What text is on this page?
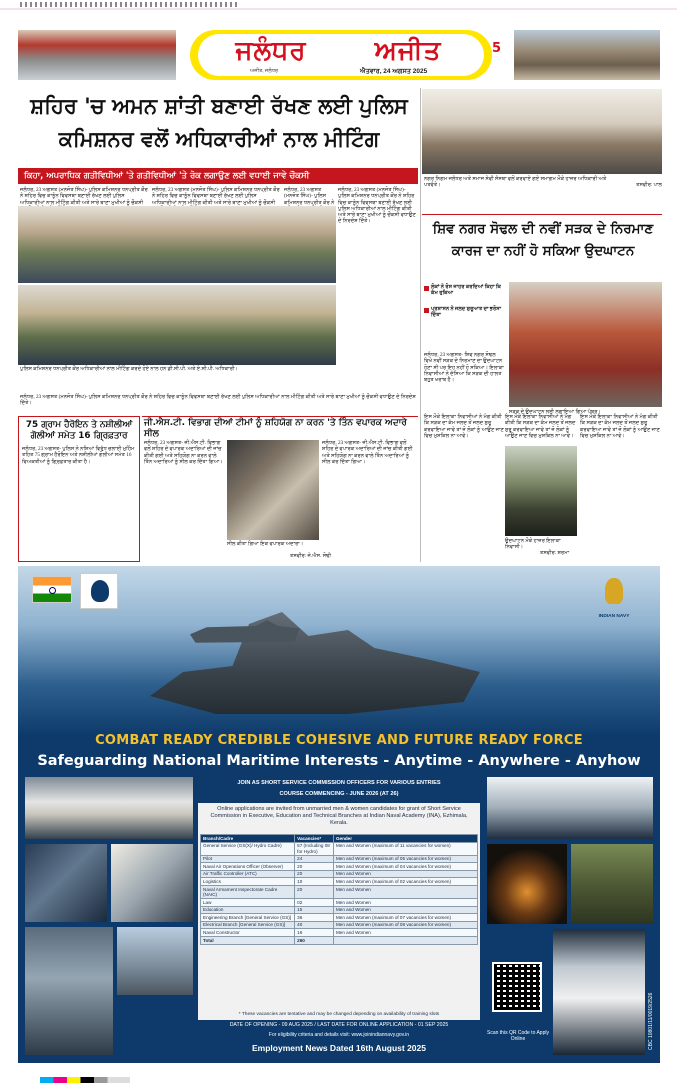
ਜਲੰਧਰ	ਅਜੀਤ
ਅਜੀਤ, ਜਲੰਧਰ	ਐਤਵਾਰ, 24 ਅਗਸਤ 2025
5
ਸ਼ਹਿਰ 'ਚ ਅਮਨ ਸ਼ਾਂਤੀ ਬਣਾਈ ਰੱਖਣ ਲਈ ਪੁਲਿਸ ਕਮਿਸ਼ਨਰ ਵਲੋਂ ਅਧਿਕਾਰੀਆਂ ਨਾਲ ਮੀਟਿੰਗ
ਕਿਹਾ, ਅਪਰਾਧਿਕ ਗਤੀਵਿਧੀਆਂ 'ਤੇ ਗਤੀਵਿਧੀਆਂ 'ਤੇ ਰੋਕ ਲਗਾਉਣ ਲਈ ਵਧਾਈ ਜਾਵੇ ਚੌਕਸੀ
ਜਲੰਧਰ, 23 ਅਗਸਤ (ਮਨਜੋਤ ਸਿੰਘ)- ਪੁਲਿਸ ਕਮਿਸ਼ਨਰ ਧਨਪ੍ਰੀਤ ਕੌਰ ਨੇ ਸ਼ਹਿਰ ਵਿਚ ਕਾਨੂੰਨ ਵਿਵਸਥਾ ਬਣਾਈ ਰੱਖਣ ਲਈ ਪੁਲਿਸ ਅਧਿਕਾਰੀਆਂ ਨਾਲ ਮੀਟਿੰਗ ਕੀਤੀ ਅਤੇ ਸਾਰੇ ਥਾਣਾ ਮੁਖੀਆਂ ਨੂੰ ਚੌਕਸੀ
ਜਲੰਧਰ, 23 ਅਗਸਤ (ਮਨਜੋਤ ਸਿੰਘ)- ਪੁਲਿਸ ਕਮਿਸ਼ਨਰ ਧਨਪ੍ਰੀਤ ਕੌਰ ਨੇ ਸ਼ਹਿਰ ਵਿਚ ਕਾਨੂੰਨ ਵਿਵਸਥਾ ਬਣਾਈ ਰੱਖਣ ਲਈ ਪੁਲਿਸ ਅਧਿਕਾਰੀਆਂ ਨਾਲ ਮੀਟਿੰਗ ਕੀਤੀ ਅਤੇ ਸਾਰੇ ਥਾਣਾ ਮੁਖੀਆਂ ਨੂੰ ਚੌਕਸੀ
ਜਲੰਧਰ, 23 ਅਗਸਤ (ਮਨਜੋਤ ਸਿੰਘ)- ਪੁਲਿਸ ਕਮਿਸ਼ਨਰ ਧਨਪ੍ਰੀਤ ਕੌਰ ਨੇ
ਪੁਲਿਸ ਕਮਿਸ਼ਨਰ ਧਨਪ੍ਰੀਤ ਕੌਰ ਅਧਿਕਾਰੀਆਂ ਨਾਲ ਮੀਟਿੰਗ ਕਰਦੇ ਹੋਏ ਨਾਲ ਹਨ ਡੀ.ਸੀ.ਪੀ. ਅਤੇ ਏ.ਸੀ.ਪੀ. ਅਧਿਕਾਰੀ।
ਜਲੰਧਰ, 23 ਅਗਸਤ (ਮਨਜੋਤ ਸਿੰਘ)- ਪੁਲਿਸ ਕਮਿਸ਼ਨਰ ਧਨਪ੍ਰੀਤ ਕੌਰ ਨੇ ਸ਼ਹਿਰ ਵਿਚ ਕਾਨੂੰਨ ਵਿਵਸਥਾ ਬਣਾਈ ਰੱਖਣ ਲਈ ਪੁਲਿਸ ਅਧਿਕਾਰੀਆਂ ਨਾਲ ਮੀਟਿੰਗ ਕੀਤੀ ਅਤੇ ਸਾਰੇ ਥਾਣਾ ਮੁਖੀਆਂ ਨੂੰ ਚੌਕਸੀ ਵਧਾਉਣ ਦੇ ਨਿਰਦੇਸ਼ ਦਿੱਤੇ।
ਜਲੰਧਰ, 23 ਅਗਸਤ (ਮਨਜੋਤ ਸਿੰਘ)- ਪੁਲਿਸ ਕਮਿਸ਼ਨਰ ਧਨਪ੍ਰੀਤ ਕੌਰ ਨੇ ਸ਼ਹਿਰ ਵਿਚ ਕਾਨੂੰਨ ਵਿਵਸਥਾ ਬਣਾਈ ਰੱਖਣ ਲਈ ਪੁਲਿਸ ਅਧਿਕਾਰੀਆਂ ਨਾਲ ਮੀਟਿੰਗ ਕੀਤੀ ਅਤੇ ਸਾਰੇ ਥਾਣਾ ਮੁਖੀਆਂ ਨੂੰ ਚੌਕਸੀ ਵਧਾਉਣ ਦੇ ਨਿਰਦੇਸ਼ ਦਿੱਤੇ।
ਨਗਰ ਨਿਗਮ ਜਲੰਧਰ ਅਤੇ ਸਮਾਜ ਸੇਵੀ ਸੰਸਥਾ ਵਲੋਂ ਕਰਵਾਏ ਗਏ ਸਮਾਗਮ ਮੌਕੇ ਹਾਜ਼ਰ ਅਧਿਕਾਰੀ ਅਤੇ ਪਤਵੰਤੇ।	ਤਸਵੀਰ: ਪਾਲ
ਸ਼ਿਵ ਨਗਰ ਸੋਢਲ ਦੀ ਨਵੀਂ ਸੜਕ ਦੇ ਨਿਰਮਾਣ ਕਾਰਜ ਦਾ ਨਹੀਂ ਹੋ ਸਕਿਆ ਉਦਘਾਟਨ
ਲੋਕਾਂ ਨੇ ਰੋਸ ਜਾਹਰ ਕਰਦਿਆਂ ਕਿਹਾ ਕਿ ਕੰਮ ਰੁਕਿਆ
ਪ੍ਰਸ਼ਾਸਨ ਨੇ ਜਲਦ ਸ਼ੁਰੂਆਤ ਦਾ ਭਰੋਸਾ ਦਿੱਤਾ
ਜਲੰਧਰ, 23 ਅਗਸਤ- ਸ਼ਿਵ ਨਗਰ ਸੋਢਲ ਵਿਖੇ ਨਵੀਂ ਸੜਕ ਦੇ ਨਿਰਮਾਣ ਦਾ ਉਦਘਾਟਨ ਹੋਣਾ ਸੀ ਪਰ ਇਹ ਨਹੀਂ ਹੋ ਸਕਿਆ। ਇਲਾਕਾ ਨਿਵਾਸੀਆਂ ਨੇ ਦੱਸਿਆ ਕਿ ਸੜਕ ਦੀ ਹਾਲਤ ਬਹੁਤ ਖਰਾਬ ਹੈ।
ਸੜਕ ਦੇ ਉਦਘਾਟਨ ਲਈ ਲਗਾਇਆ ਗਿਆ ਪੱਥਰ।
75 ਗ੍ਰਾਮ ਹੈਰੋਇਨ ਤੇ ਨਸ਼ੀਲੀਆਂ ਗੋਲੀਆਂ ਸਮੇਤ 16 ਗ੍ਰਿਫ਼ਤਾਰ
ਜਲੰਧਰ, 23 ਅਗਸਤ- ਪੁਲਿਸ ਨੇ ਨਸ਼ਿਆਂ ਵਿਰੁੱਧ ਚਲਾਈ ਮੁਹਿੰਮ ਤਹਿਤ 75 ਗ੍ਰਾਮ ਹੈਰੋਇਨ ਅਤੇ ਨਸ਼ੀਲੀਆਂ ਗੋਲੀਆਂ ਸਮੇਤ 16 ਵਿਅਕਤੀਆਂ ਨੂੰ ਗ੍ਰਿਫ਼ਤਾਰ ਕੀਤਾ ਹੈ।
ਜੀ.ਐਸ.ਟੀ. ਵਿਭਾਗ ਦੀਆਂ ਟੀਮਾਂ ਨੂੰ ਸ਼ਹਿਯੋਗ ਨਾ ਕਰਨ 'ਤੇ ਤਿੰਨ ਵਪਾਰਕ ਅਦਾਰੇ ਸੀਲ
ਜਲੰਧਰ, 23 ਅਗਸਤ- ਜੀ.ਐਸ.ਟੀ. ਵਿਭਾਗ ਵਲੋਂ ਸ਼ਹਿਰ ਦੇ ਵਪਾਰਕ ਅਦਾਰਿਆਂ ਦੀ ਜਾਂਚ ਕੀਤੀ ਗਈ ਅਤੇ ਸਹਿਯੋਗ ਨਾ ਕਰਨ ਵਾਲੇ ਤਿੰਨ ਅਦਾਰਿਆਂ ਨੂੰ ਸੀਲ ਕਰ ਦਿੱਤਾ ਗਿਆ।
ਸੀਲ ਕੀਤਾ ਗਿਆ ਇਕ ਵਪਾਰਕ ਅਦਾਰਾ।
ਤਸਵੀਰ: ਜੇ.ਐਸ. ਸੋਢੀ
ਜਲੰਧਰ, 23 ਅਗਸਤ- ਜੀ.ਐਸ.ਟੀ. ਵਿਭਾਗ ਵਲੋਂ ਸ਼ਹਿਰ ਦੇ ਵਪਾਰਕ ਅਦਾਰਿਆਂ ਦੀ ਜਾਂਚ ਕੀਤੀ ਗਈ ਅਤੇ ਸਹਿਯੋਗ ਨਾ ਕਰਨ ਵਾਲੇ ਤਿੰਨ ਅਦਾਰਿਆਂ ਨੂੰ ਸੀਲ ਕਰ ਦਿੱਤਾ ਗਿਆ।
ਇਸ ਮੌਕੇ ਇਲਾਕਾ ਨਿਵਾਸੀਆਂ ਨੇ ਮੰਗ ਕੀਤੀ ਕਿ ਸੜਕ ਦਾ ਕੰਮ ਜਲਦ ਤੋਂ ਜਲਦ ਸ਼ੁਰੂ ਕਰਵਾਇਆ ਜਾਵੇ ਤਾਂ ਜੋ ਲੋਕਾਂ ਨੂੰ ਆਉਣ ਜਾਣ ਵਿਚ ਮੁਸ਼ਕਿਲ ਨਾ ਆਵੇ।
ਇਸ ਮੌਕੇ ਇਲਾਕਾ ਨਿਵਾਸੀਆਂ ਨੇ ਮੰਗ ਕੀਤੀ ਕਿ ਸੜਕ ਦਾ ਕੰਮ ਜਲਦ ਤੋਂ ਜਲਦ ਸ਼ੁਰੂ ਕਰਵਾਇਆ ਜਾਵੇ ਤਾਂ ਜੋ ਲੋਕਾਂ ਨੂੰ ਆਉਣ ਜਾਣ ਵਿਚ ਮੁਸ਼ਕਿਲ ਨਾ ਆਵੇ।
ਉਦਘਾਟਨ ਮੌਕੇ ਹਾਜ਼ਰ ਇਲਾਕਾ ਨਿਵਾਸੀ।
ਤਸਵੀਰ: ਸ਼ਰਮਾ
ਇਸ ਮੌਕੇ ਇਲਾਕਾ ਨਿਵਾਸੀਆਂ ਨੇ ਮੰਗ ਕੀਤੀ ਕਿ ਸੜਕ ਦਾ ਕੰਮ ਜਲਦ ਤੋਂ ਜਲਦ ਸ਼ੁਰੂ ਕਰਵਾਇਆ ਜਾਵੇ ਤਾਂ ਜੋ ਲੋਕਾਂ ਨੂੰ ਆਉਣ ਜਾਣ ਵਿਚ ਮੁਸ਼ਕਿਲ ਨਾ ਆਵੇ।
INDIAN NAVY
COMBAT READY CREDIBLE COHESIVE AND FUTURE READY FORCE
Safeguarding National Maritime Interests - Anytime - Anywhere - Anyhow
Scan this QR Code to Apply Online	CBC 10801/11/0019/2526
JOIN AS SHORT SERVICE COMMISSION OFFICERS FOR VARIOUS ENTRIES
COURSE COMMENCING - JUNE 2026 (AT 26)
Online applications are invited from unmarried men & women candidates for grant of Short Service Commission in Executive, Education and Technical Branches at Indian Naval Academy (INA), Ezhimala, Kerala.
Branch/Cadre	Vacancies*	Gender
General Service (GS(X)/ Hydro Cadre)	57 (Including 08 for Hydro)	Men and Women (maximum of 11 vacancies for women)
Pilot	24	Men and Women (maximum of 05 vacancies for women)
Naval Air Operations Officer (Observer)	20	Men and Women (maximum of 04 vacancies for women)
Air Traffic Controller (ATC)	20	Men and Women
Logistics	10	Men and Women (maximum of 02 vacancies for women)
Naval Armament Inspectorate Cadre (NAIC)	20	Men and Women
Law	02	Men and Women
Education	15	Men and Women
Engineering Branch [General Service (GS)]	36	Men and Women (maximum of 07 vacancies for women)
Electrical Branch [General Service (GS)]	40	Men and Women (maximum of 08 vacancies for women)
Naval Constructor	16	Men and Women
Total	260	
* These vacancies are tentative and may be changed depending on availability of training slots
DATE OF OPENING - 09 AUG 2025 / LAST DATE FOR ONLINE APPLICATION - 01 SEP 2025
For eligibility criteria and details visit: www.joinindiannavy.gov.in
Employment News Dated 16th August 2025
